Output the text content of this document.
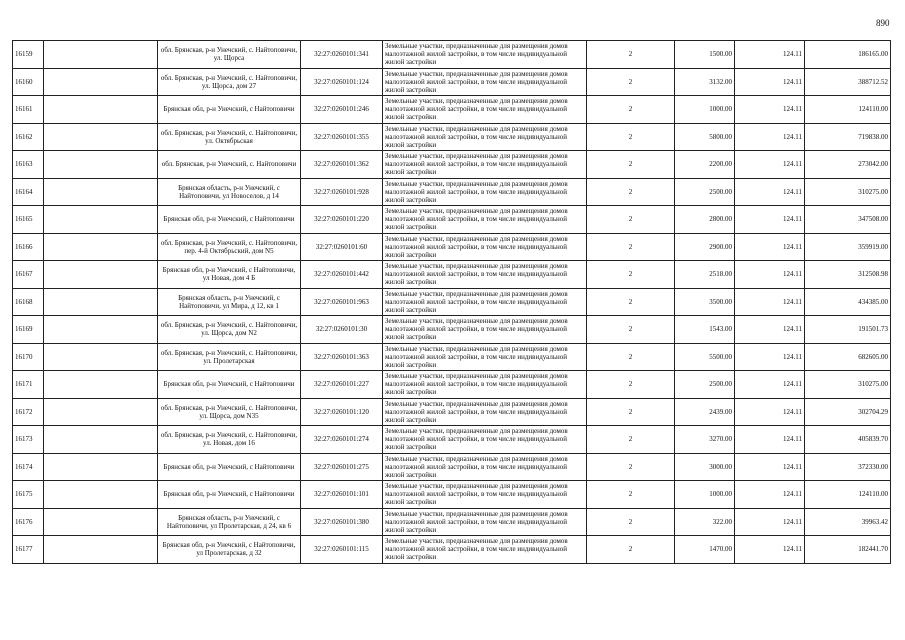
890
16159		обл. Брянская, р-н Унечский, с. Найтоповичи, ул. Щорса	32:27:0260101:341	Земельные участки, предназначенные для размещения домов малоэтажной жилой застройки, в том числе индивидуальной жилой застройки	2	1500.00	124.11	186165.00
16160		обл. Брянская, р-н Унечский, с. Найтоповичи, ул. Щорса, дом 27	32:27:0260101:124	Земельные участки, предназначенные для размещения домов малоэтажной жилой застройки, в том числе индивидуальной жилой застройки	2	3132.00	124.11	388712.52
16161		Брянская обл, р-н Унечский, с Найтоповичи	32:27:0260101:246	Земельные участки, предназначенные для размещения домов малоэтажной жилой застройки, в том числе индивидуальной жилой застройки	2	1000.00	124.11	124110.00
16162		обл. Брянская, р-н Унечский, с. Найтоповичи, ул. Октябрьская	32:27:0260101:355	Земельные участки, предназначенные для размещения домов малоэтажной жилой застройки, в том числе индивидуальной жилой застройки	2	5800.00	124.11	719838.00
16163		обл. Брянская, р-н Унечский, с. Найтоповичи	32:27:0260101:362	Земельные участки, предназначенные для размещения домов малоэтажной жилой застройки, в том числе индивидуальной жилой застройки	2	2200.00	124.11	273042.00
16164		Брянская область, р-н Унечский, с Найтоповичи, ул Новоселов, д 14	32:27:0260101:928	Земельные участки, предназначенные для размещения домов малоэтажной жилой застройки, в том числе индивидуальной жилой застройки	2	2500.00	124.11	310275.00
16165		Брянская обл, р-н Унечский, с Найтоповичи	32:27:0260101:220	Земельные участки, предназначенные для размещения домов малоэтажной жилой застройки, в том числе индивидуальной жилой застройки	2	2800.00	124.11	347508.00
16166		обл. Брянская, р-н Унечский, с. Найтоповичи, пер. 4-й Октябрьский, дом N5	32:27:0260101:60	Земельные участки, предназначенные для размещения домов малоэтажной жилой застройки, в том числе индивидуальной жилой застройки	2	2900.00	124.11	359919.00
16167		Брянская обл, р-н Унечский, с Найтоповичи, ул Новая, дом 4 Б	32:27:0260101:442	Земельные участки, предназначенные для размещения домов малоэтажной жилой застройки, в том числе индивидуальной жилой застройки	2	2518.00	124.11	312508.98
16168		Брянская область, р-н Унечский, с Найтоповичи, ул Мира, д 12, кв 1	32:27:0260101:963	Земельные участки, предназначенные для размещения домов малоэтажной жилой застройки, в том числе индивидуальной жилой застройки	2	3500.00	124.11	434385.00
16169		обл. Брянская, р-н Унечский, с. Найтоповичи, ул. Щорса, дом N2	32:27:0260101:30	Земельные участки, предназначенные для размещения домов малоэтажной жилой застройки, в том числе индивидуальной жилой застройки	2	1543.00	124.11	191501.73
16170		обл. Брянская, р-н Унечский, с. Найтоповичи, ул. Пролетарская	32:27:0260101:363	Земельные участки, предназначенные для размещения домов малоэтажной жилой застройки, в том числе индивидуальной жилой застройки	2	5500.00	124.11	682605.00
16171		Брянская обл, р-н Унечский, с Найтоповичи	32:27:0260101:227	Земельные участки, предназначенные для размещения домов малоэтажной жилой застройки, в том числе индивидуальной жилой застройки	2	2500.00	124.11	310275.00
16172		обл. Брянская, р-н Унечский, с. Найтоповичи, ул. Щорса, дом N35	32:27:0260101:120	Земельные участки, предназначенные для размещения домов малоэтажной жилой застройки, в том числе индивидуальной жилой застройки	2	2439.00	124.11	302704.29
16173		обл. Брянская, р-н Унечский, с. Найтоповичи, ул. Новая, дом 16	32:27:0260101:274	Земельные участки, предназначенные для размещения домов малоэтажной жилой застройки, в том числе индивидуальной жилой застройки	2	3270.00	124.11	405839.70
16174		Брянская обл, р-н Унечский, с Найтоповичи	32:27:0260101:275	Земельные участки, предназначенные для размещения домов малоэтажной жилой застройки, в том числе индивидуальной жилой застройки	2	3000.00	124.11	372330.00
16175		Брянская обл, р-н Унечский, с Найтоповичи	32:27:0260101:101	Земельные участки, предназначенные для размещения домов малоэтажной жилой застройки, в том числе индивидуальной жилой застройки	2	1000.00	124.11	124110.00
16176		Брянская область, р-н Унечский, с Найтоповичи, ул Пролетарская, д 24, кв 6	32:27:0260101:380	Земельные участки, предназначенные для размещения домов малоэтажной жилой застройки, в том числе индивидуальной жилой застройки	2	322.00	124.11	39963.42
16177		Брянская обл, р-н Унечский, с Найтоповичи, ул Пролетарская, д 32	32:27:0260101:115	Земельные участки, предназначенные для размещения домов малоэтажной жилой застройки, в том числе индивидуальной жилой застройки	2	1470.00	124.11	182441.70
